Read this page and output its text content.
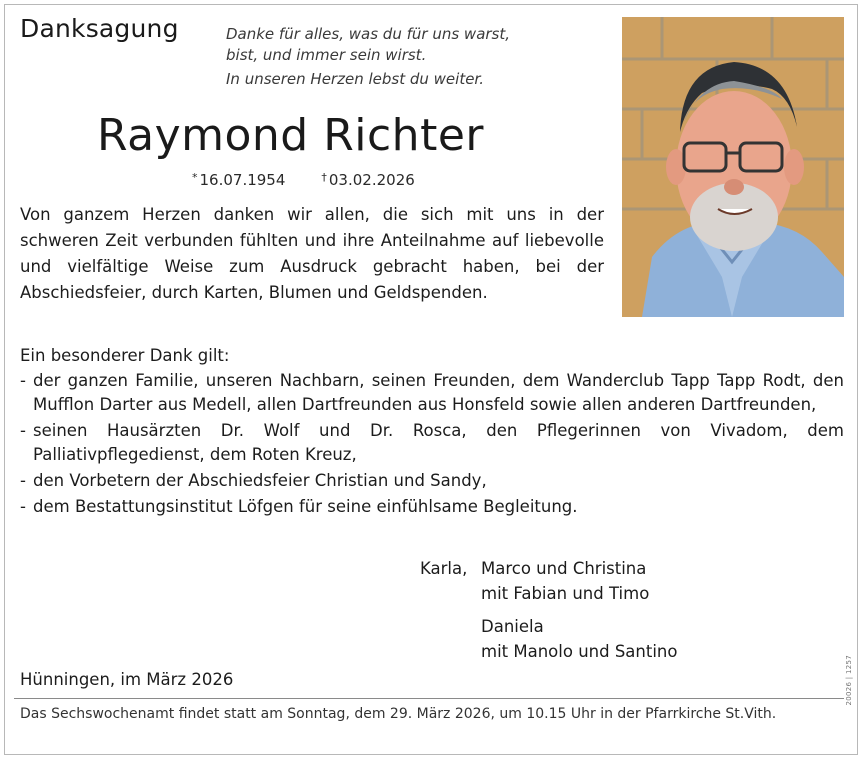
Danksagung	Danke für alles, was du für uns warst,
bist, und immer sein wirst.
In unseren Herzen lebst du weiter.
Raymond Richter
* 16.07.1954	† 03.02.2026
Von ganzem Herzen danken wir allen, die sich mit uns in der schweren Zeit verbunden fühlten und ihre Anteilnahme auf liebevolle und vielfältige Weise zum Ausdruck gebracht haben, bei der Abschiedsfeier, durch Karten, Blumen und Geldspenden.
Ein besonderer Dank gilt:
- der ganzen Familie, unseren Nachbarn, seinen Freunden, dem Wanderclub Tapp Tapp Rodt, den Mufflon Darter aus Medell, allen Dartfreunden aus Honsfeld sowie allen anderen Dartfreunden,
- seinen Hausärzten Dr. Wolf und Dr. Rosca, den Pflegerinnen von Vivadom, dem Palliativpflegedienst, dem Roten Kreuz,
- den Vorbetern der Abschiedsfeier Christian und Sandy,
- dem Bestattungsinstitut Löfgen für seine einfühlsame Begleitung.
Karla, Marco und Christina
mit Fabian und Timo
Daniela
mit Manolo und Santino
Hünningen, im März 2026	20026 | 1257
Das Sechswochenamt findet statt am Sonntag, dem 29. März 2026, um 10.15 Uhr in der Pfarrkirche St.Vith.
